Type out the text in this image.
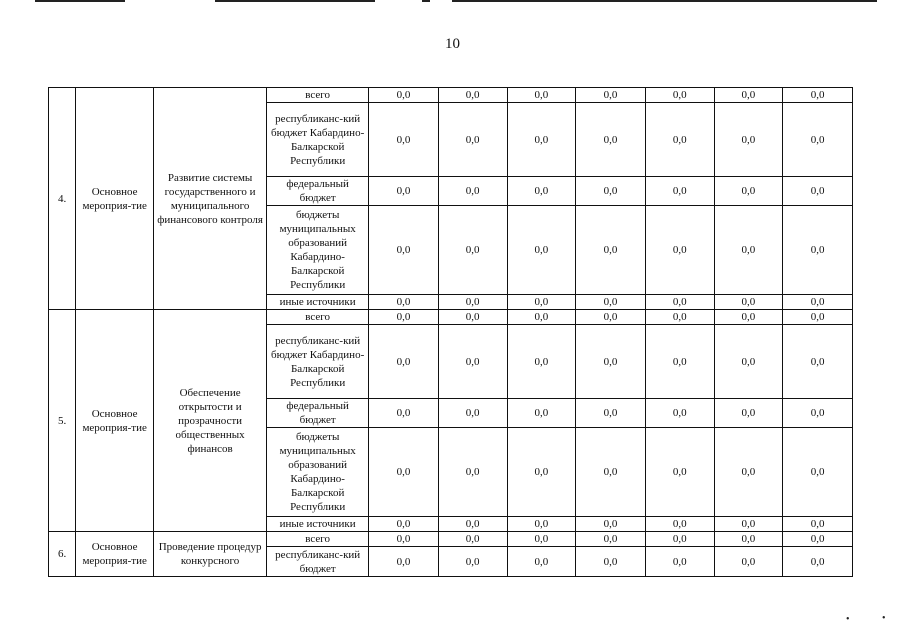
10
4.	Основное мероприя-тие	Развитие системы государственного и муниципального финансового контроля	всего	0,0	0,0	0,0	0,0	0,0	0,0	0,0
			республиканс-кий бюджет Кабардино-Балкарской Республики	0,0	0,0	0,0	0,0	0,0	0,0	0,0
			федеральный бюджет	0,0	0,0	0,0	0,0	0,0	0,0	0,0
			бюджеты муниципальных образований Кабардино-Балкарской Республики	0,0	0,0	0,0	0,0	0,0	0,0	0,0
			иные источники	0,0	0,0	0,0	0,0	0,0	0,0	0,0
5.	Основное мероприя-тие	Обеспечение открытости и прозрачности общественных финансов	всего	0,0	0,0	0,0	0,0	0,0	0,0	0,0
			республиканс-кий бюджет Кабардино-Балкарской Республики	0,0	0,0	0,0	0,0	0,0	0,0	0,0
			федеральный бюджет	0,0	0,0	0,0	0,0	0,0	0,0	0,0
			бюджеты муниципальных образований Кабардино-Балкарской Республики	0,0	0,0	0,0	0,0	0,0	0,0	0,0
			иные источники	0,0	0,0	0,0	0,0	0,0	0,0	0,0
6.	Основное мероприя-тие	Проведение процедур конкурсного	всего	0,0	0,0	0,0	0,0	0,0	0,0	0,0
			республиканс-кий бюджет	0,0	0,0	0,0	0,0	0,0	0,0	0,0
•	•
